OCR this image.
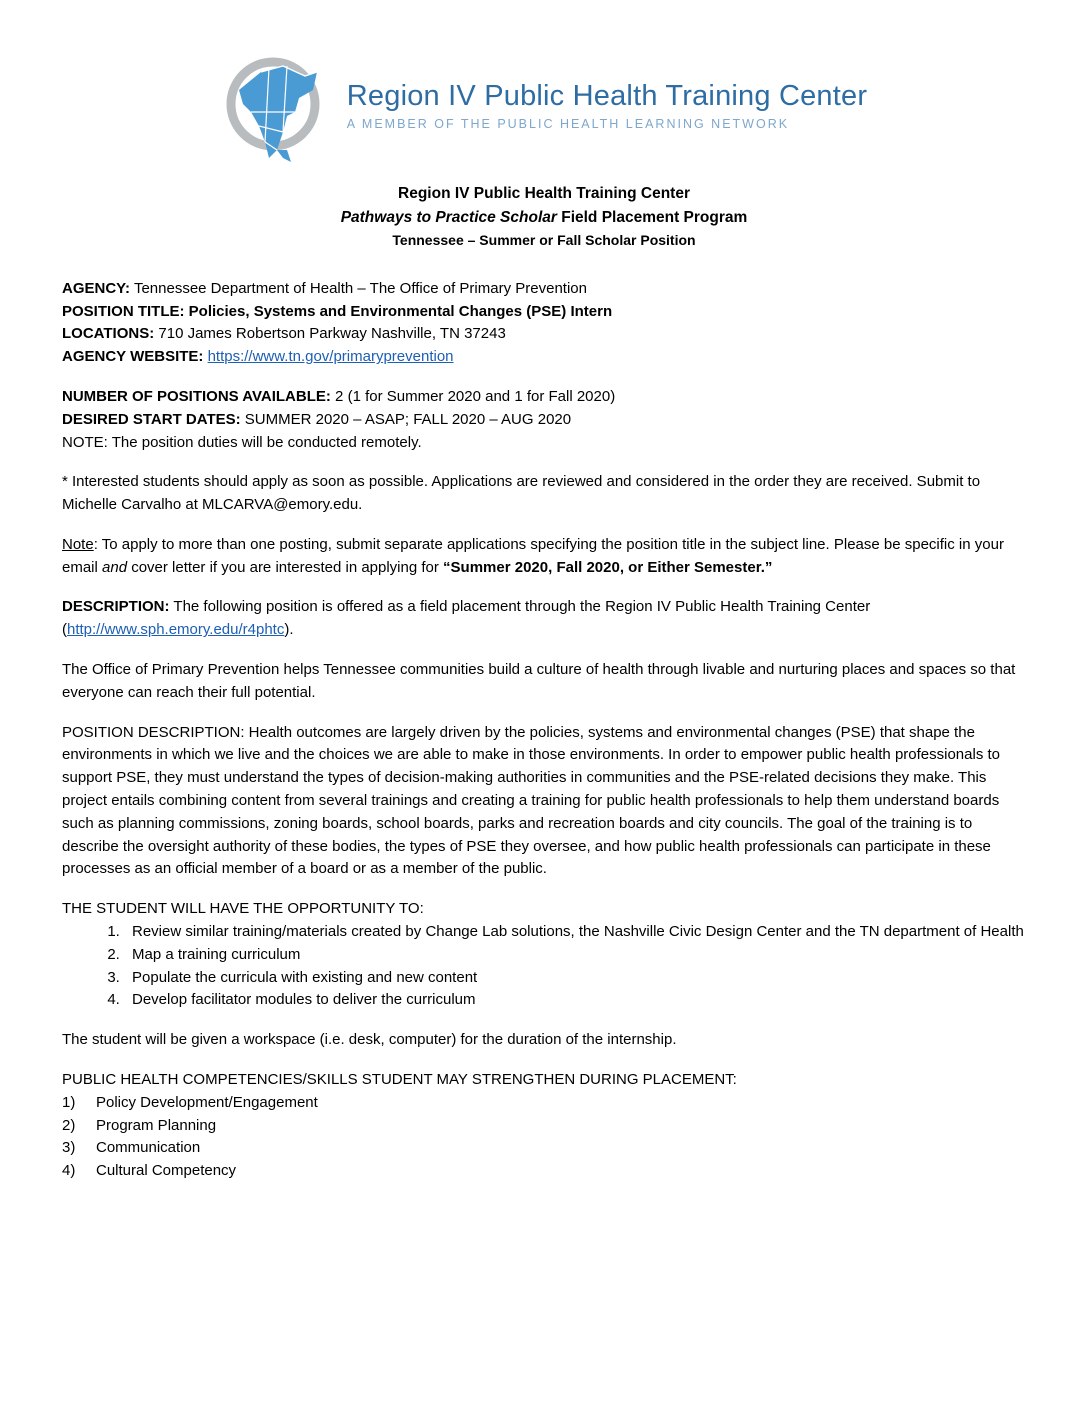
Region IV Public Health Training Center
A MEMBER OF THE PUBLIC HEALTH LEARNING NETWORK
Region IV Public Health Training Center
Pathways to Practice Scholar Field Placement Program
Tennessee – Summer or Fall Scholar Position

AGENCY: Tennessee Department of Health – The Office of Primary Prevention

POSITION TITLE: Policies, Systems and Environmental Changes (PSE) Intern

LOCATIONS: 710 James Robertson Parkway Nashville, TN 37243

AGENCY WEBSITE: https://www.tn.gov/primaryprevention

NUMBER OF POSITIONS AVAILABLE: 2 (1 for Summer 2020 and 1 for Fall 2020)

DESIRED START DATES: SUMMER 2020 – ASAP; FALL 2020 – AUG 2020

NOTE: The position duties will be conducted remotely.

* Interested students should apply as soon as possible. Applications are reviewed and considered in the order they are received. Submit to Michelle Carvalho at MLCARVA@emory.edu.

Note: To apply to more than one posting, submit separate applications specifying the position title in the subject line. Please be specific in your email and cover letter if you are interested in applying for “Summer 2020, Fall 2020, or Either Semester.”

DESCRIPTION: The following position is offered as a field placement through the Region IV Public Health Training Center (http://www.sph.emory.edu/r4phtc).

The Office of Primary Prevention helps Tennessee communities build a culture of health through livable and nurturing places and spaces so that everyone can reach their full potential.

POSITION DESCRIPTION: Health outcomes are largely driven by the policies, systems and environmental changes (PSE) that shape the environments in which we live and the choices we are able to make in those environments. In order to empower public health professionals to support PSE, they must understand the types of decision-making authorities in communities and the PSE-related decisions they make. This project entails combining content from several trainings and creating a training for public health professionals to help them understand boards such as planning commissions, zoning boards, school boards, parks and recreation boards and city councils. The goal of the training is to describe the oversight authority of these bodies, the types of PSE they oversee, and how public health professionals can participate in these processes as an official member of a board or as a member of the public.

THE STUDENT WILL HAVE THE OPPORTUNITY TO:

1. Review similar training/materials created by Change Lab solutions, the Nashville Civic Design Center and the TN department of Health
2. Map a training curriculum
3. Populate the curricula with existing and new content
4. Develop facilitator modules to deliver the curriculum

The student will be given a workspace (i.e. desk, computer) for the duration of the internship.

PUBLIC HEALTH COMPETENCIES/SKILLS STUDENT MAY STRENGTHEN DURING PLACEMENT:

1)	Policy Development/Engagement
2)	Program Planning
3)	Communication
4)	Cultural Competency
